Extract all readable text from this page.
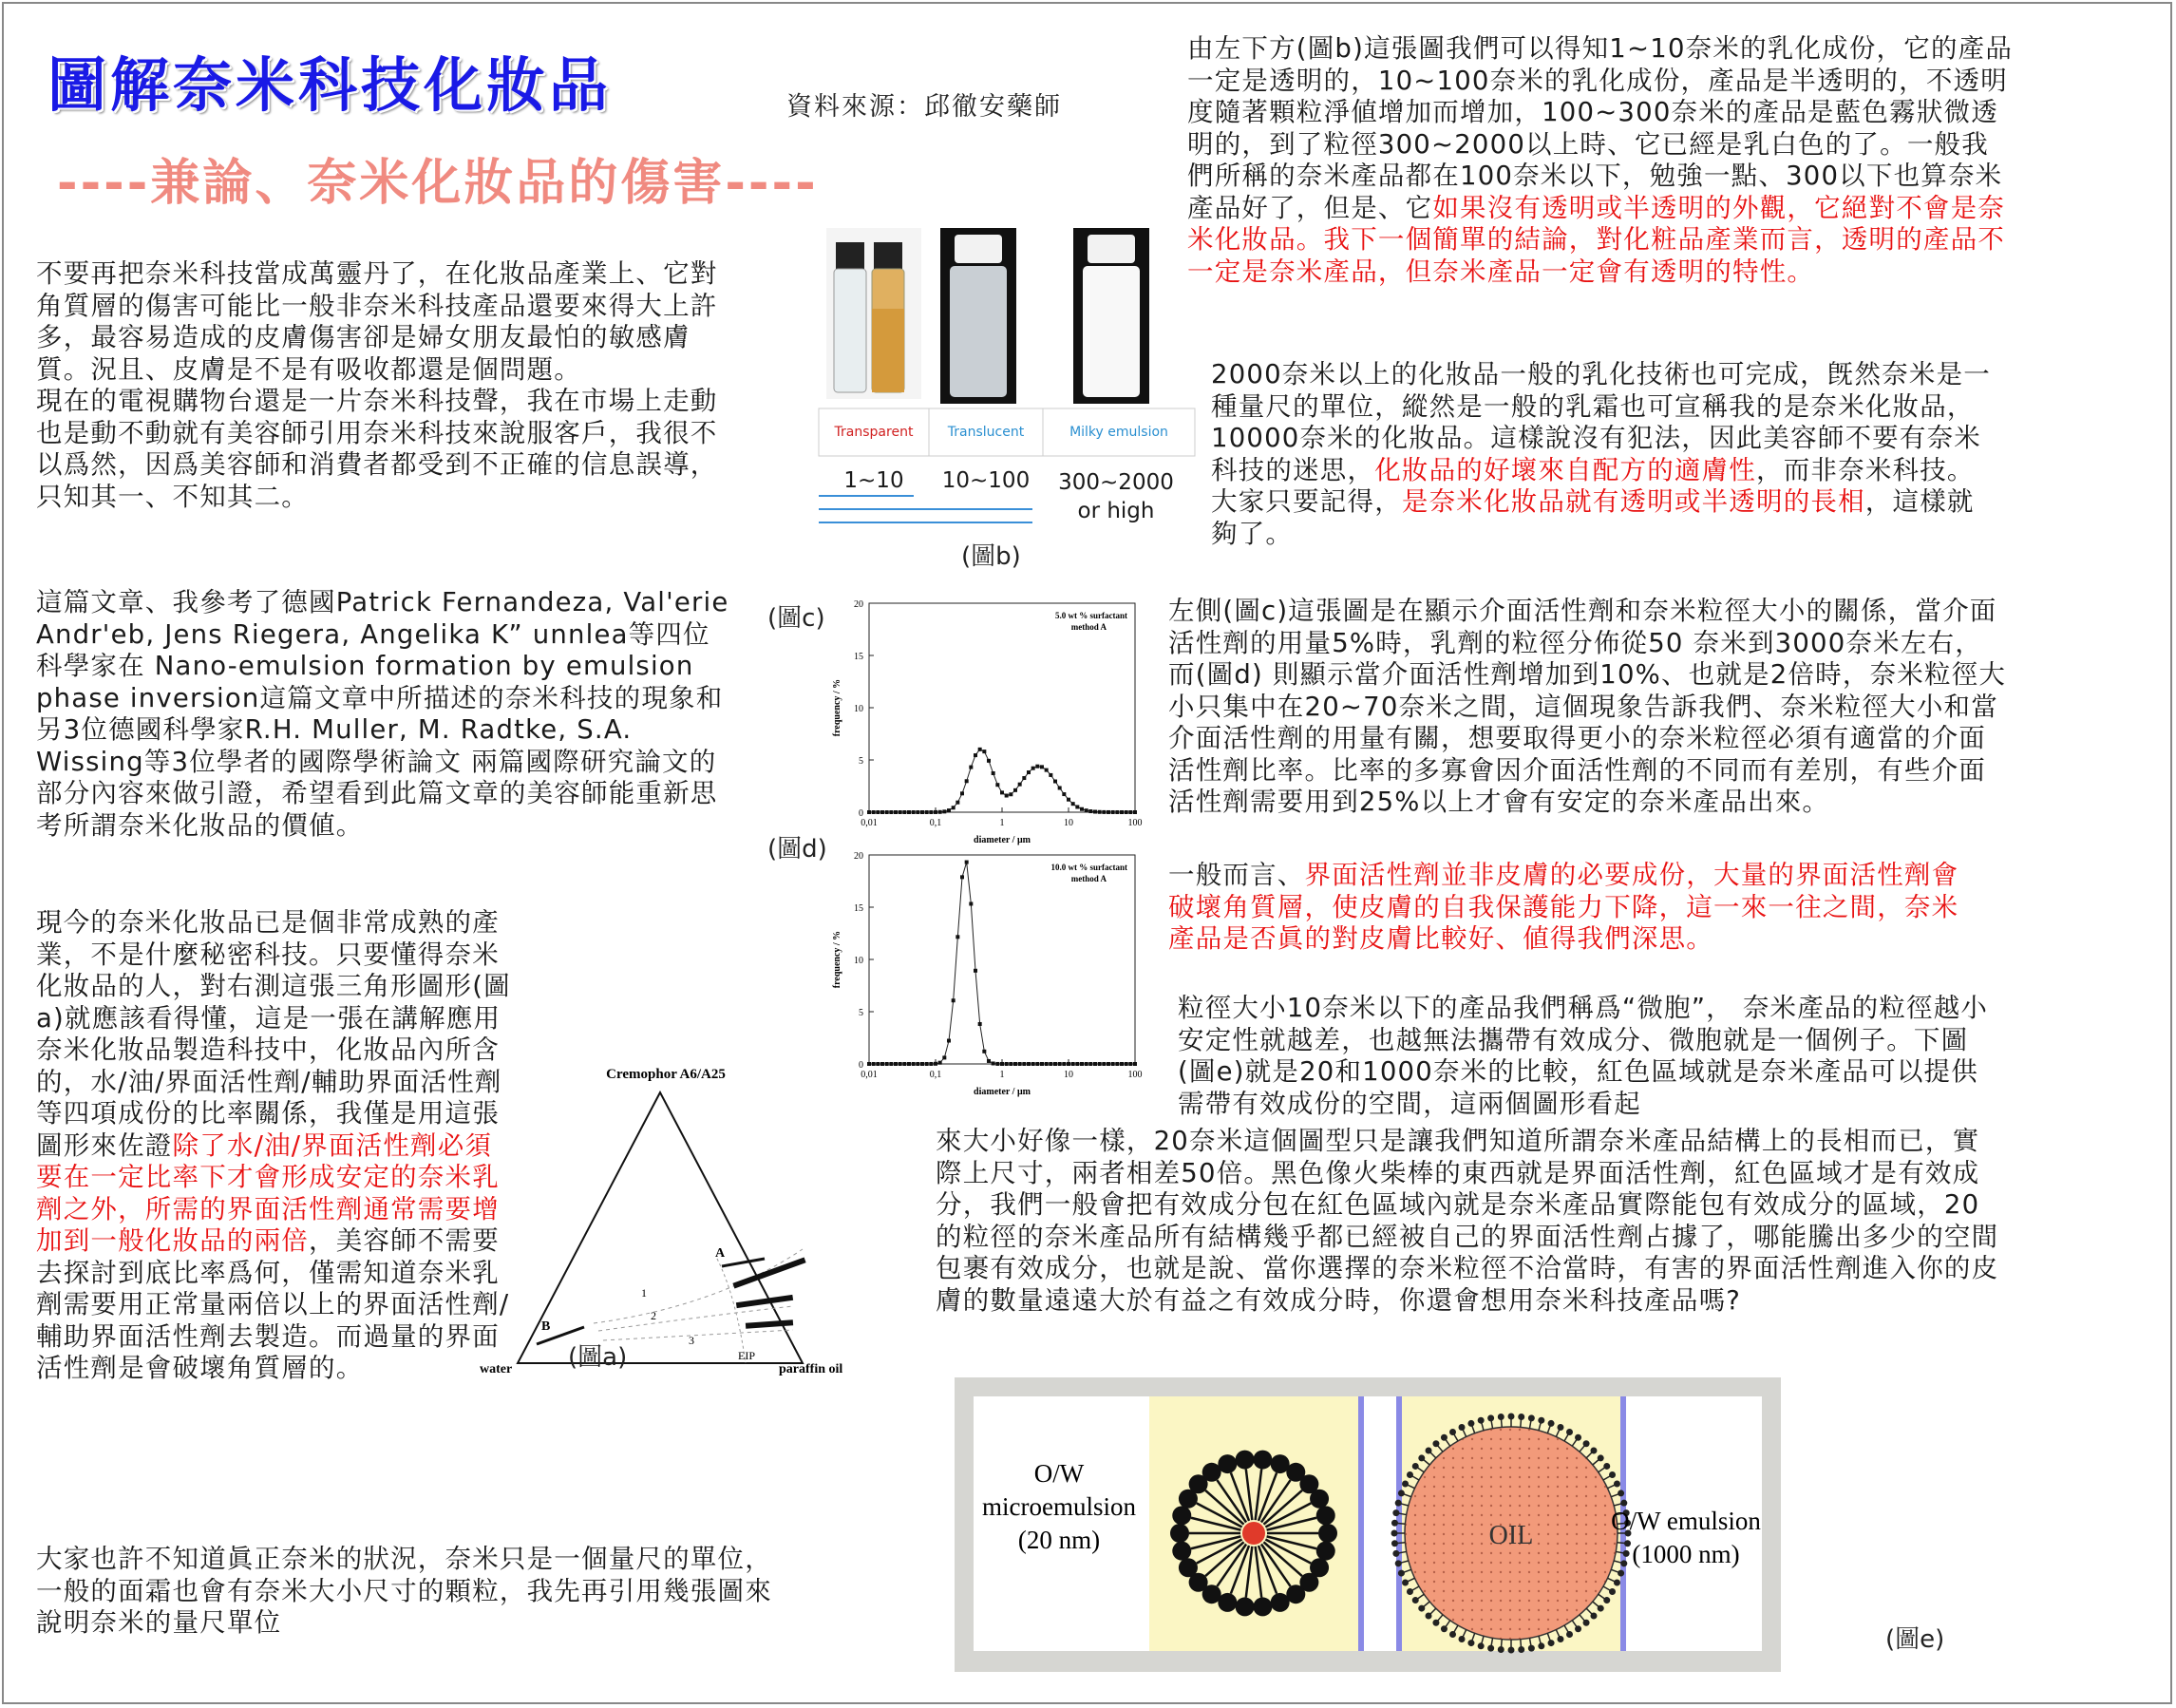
圖解奈米科技化妝品	資料來源：邱徹安藥師
----兼論、奈米化妝品的傷害----

不要再把奈米科技當成萬靈丹了，在化妝品產業上、它對角質層的傷害可能比一般非奈米科技產品還要來得大上許多，最容易造成的皮膚傷害卻是婦女朋友最怕的敏感膚質。況且、皮膚是不是有吸收都還是個問題。

現在的電視購物台還是一片奈米科技聲，我在市場上走動也是動不動就有美容師引用奈米科技來說服客戶，我很不以爲然，因爲美容師和消費者都受到不正確的信息誤導，只知其一、不知其二。

這篇文章、我參考了德國Patrick Fernandeza, Val'erie Andr'eb, Jens Riegera, Angelika K” unnlea等四位科學家在 Nano-emulsion formation by emulsion phase inversion這篇文章中所描述的奈米科技的現象和另3位德國科學家R.H. Muller, M. Radtke, S.A. Wissing等3位學者的國際學術論文 兩篇國際研究論文的部分內容來做引證，希望看到此篇文章的美容師能重新思考所謂奈米化妝品的價値。

現今的奈米化妝品已是個非常成熟的產業，不是什麼秘密科技。只要懂得奈米化妝品的人，對右測這張三角形圖形(圖a)就應該看得懂，這是一張在講解應用奈米化妝品製造科技中，化妝品內所含的，水/油/界面活性劑/輔助界面活性劑等四項成份的比率關係，我僅是用這張圖形來佐證除了水/油/界面活性劑必須要在一定比率下才會形成安定的奈米乳劑之外，所需的界面活性劑通常需要增加到一般化妝品的兩倍，美容師不需要去探討到底比率爲何，僅需知道奈米乳劑需要用正常量兩倍以上的界面活性劑/輔助界面活性劑去製造。而過量的界面活性劑是會破壞角質層的。

大家也許不知道眞正奈米的狀況，奈米只是一個量尺的單位，一般的面霜也會有奈米大小尺寸的顆粒，我先再引用幾張圖來說明奈米的量尺單位

Transparent	Translucent	Milky emulsion
1~10	10~100	300~2000 or high
(圖b)
(圖c)
0
5
10
15
20
0,01	0,1	1	10	100
frequency / %
diameter / μm
5.0 wt % surfactant
method A
(圖d)
0
5
10
15
20
0,01	0,1	1	10	100
frequency / %
diameter / μm
10.0 wt % surfactant
method A
Cremophor A6/A25
A
B
1
2
3
EIP
water	paraffin oil
(圖a)
由左下方(圖b)這張圖我們可以得知1~10奈米的乳化成份，它的產品一定是透明的，10~100奈米的乳化成份，產品是半透明的，不透明度隨著顆粒淨値增加而增加，100~300奈米的產品是藍色霧狀微透明的，到了粒徑300~2000以上時、它已經是乳白色的了。一般我們所稱的奈米產品都在100奈米以下，勉強一點、300以下也算奈米產品好了，但是、它如果沒有透明或半透明的外觀，它絕對不會是奈米化妝品。我下一個簡單的結論，對化粧品產業而言，透明的產品不一定是奈米產品，但奈米產品一定會有透明的特性。
2000奈米以上的化妝品一般的乳化技術也可完成，旣然奈米是一種量尺的單位，縱然是一般的乳霜也可宣稱我的是奈米化妝品，10000奈米的化妝品。這樣說沒有犯法，因此美容師不要有奈米科技的迷思，化妝品的好壞來自配方的適膚性，而非奈米科技。大家只要記得，是奈米化妝品就有透明或半透明的長相，這樣就夠了。

左側(圖c)這張圖是在顯示介面活性劑和奈米粒徑大小的關係，當介面活性劑的用量5%時，乳劑的粒徑分佈從50 奈米到3000奈米左右，而(圖d) 則顯示當介面活性劑增加到10%、也就是2倍時，奈米粒徑大小只集中在20~70奈米之間，這個現象告訴我們、奈米粒徑大小和當介面活性劑的用量有關，想要取得更小的奈米粒徑必須有適當的介面活性劑比率。比率的多寡會因介面活性劑的不同而有差別，有些介面活性劑需要用到25%以上才會有安定的奈米產品出來。

一般而言、界面活性劑並非皮膚的必要成份，大量的界面活性劑會破壞角質層，使皮膚的自我保護能力下降，這一來一往之間，奈米產品是否眞的對皮膚比較好、値得我們深思。

粒徑大小10奈米以下的產品我們稱爲“微胞”， 奈米產品的粒徑越小安定性就越差，也越無法攜帶有效成分、微胞就是一個例子。下圖(圖e)就是20和1000奈米的比較，紅色區域就是奈米產品可以提供需帶有效成份的空間，這兩個圖形看起

來大小好像一樣，20奈米這個圖型只是讓我們知道所謂奈米產品結構上的長相而已，實際上尺寸，兩者相差50倍。黑色像火柴棒的東西就是界面活性劑，紅色區域才是有效成分，我們一般會把有效成分包在紅色區域內就是奈米產品實際能包有效成分的區域，20的粒徑的奈米產品所有結構幾乎都已經被自己的界面活性劑占據了，哪能騰出多少的空間包裹有效成分，也就是說、當你選擇的奈米粒徑不洽當時，有害的界面活性劑進入你的皮膚的數量遠遠大於有益之有效成分時，你還會想用奈米科技產品嗎?

OIL
O/W
microemulsion
(20 nm)
O/W emulsion
(1000 nm)
(圖e)
